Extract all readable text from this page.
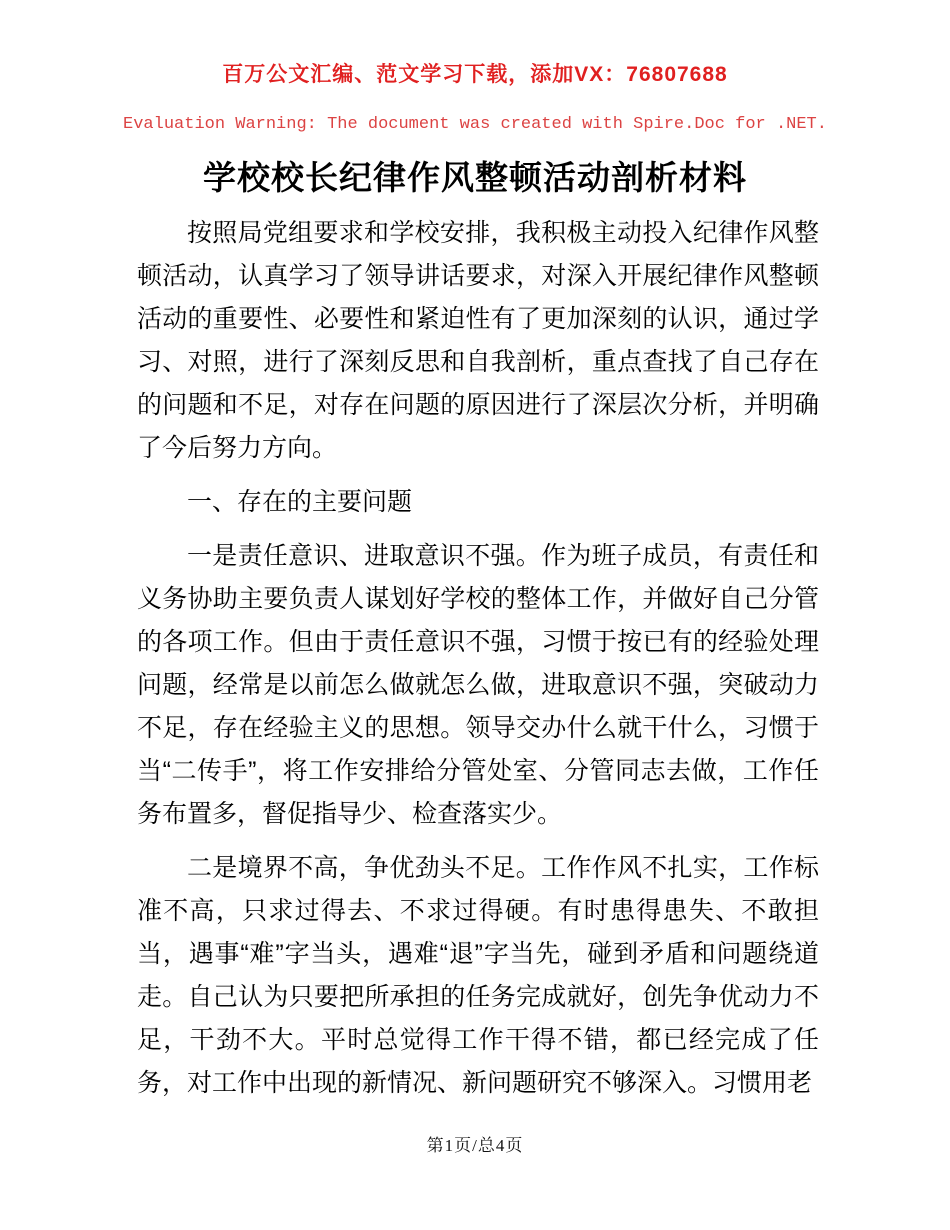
百万公文汇编、范文学习下载，添加VX：76807688
Evaluation Warning: The document was created with Spire.Doc for .NET.
学校校长纪律作风整顿活动剖析材料

按照局党组要求和学校安排，我积极主动投入纪律作风整顿活动，认真学习了领导讲话要求，对深入开展纪律作风整顿活动的重要性、必要性和紧迫性有了更加深刻的认识，通过学习、对照，进行了深刻反思和自我剖析，重点查找了自己存在的问题和不足，对存在问题的原因进行了深层次分析，并明确了今后努力方向。

一、存在的主要问题

一是责任意识、进取意识不强。作为班子成员，有责任和义务协助主要负责人谋划好学校的整体工作，并做好自己分管的各项工作。但由于责任意识不强，习惯于按已有的经验处理问题，经常是以前怎么做就怎么做，进取意识不强，突破动力不足，存在经验主义的思想。领导交办什么就干什么，习惯于当“二传手”，将工作安排给分管处室、分管同志去做，工作任务布置多，督促指导少、检查落实少。

二是境界不高，争优劲头不足。工作作风不扎实，工作标准不高，只求过得去、不求过得硬。有时患得患失、不敢担当，遇事“难”字当头，遇难“退”字当先，碰到矛盾和问题绕道走。自己认为只要把所承担的任务完成就好，创先争优动力不足，干劲不大。平时总觉得工作干得不错，都已经完成了任务，对工作中出现的新情况、新问题研究不够深入。习惯用老

第1页/总4页
